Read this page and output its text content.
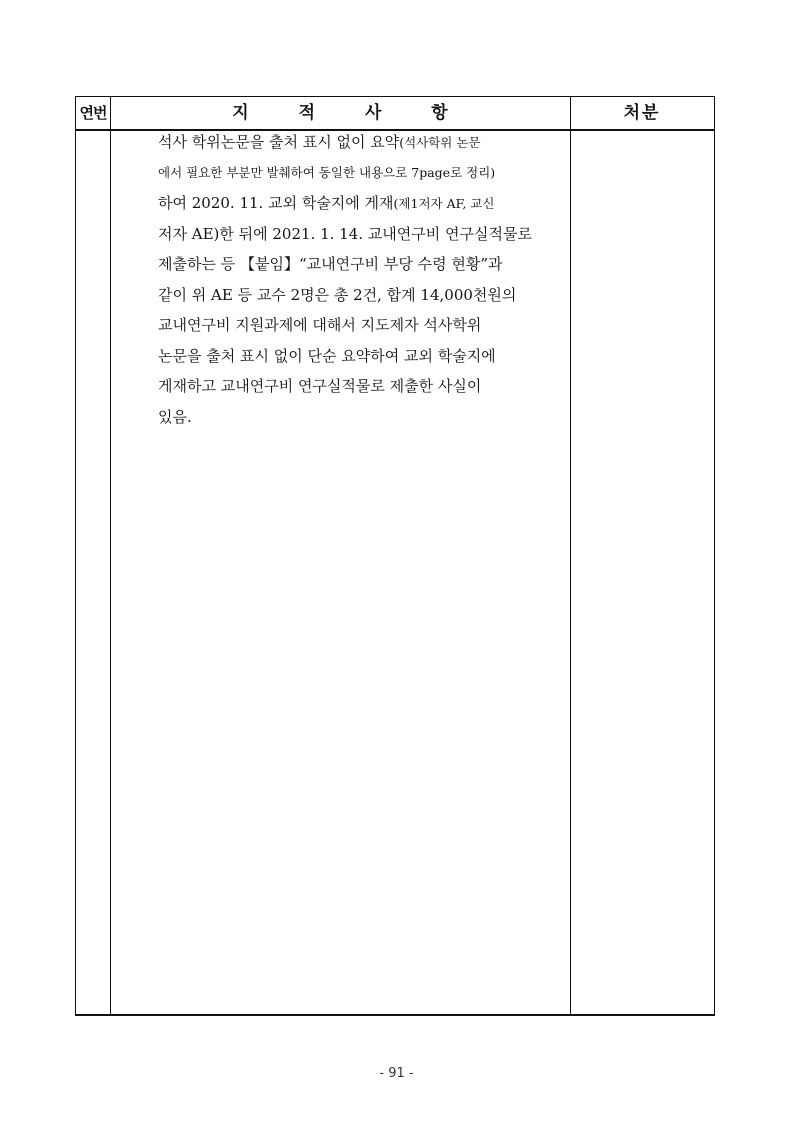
연번	지 적 사 항	처분
석사 학위논문을 출처 표시 없이 요약(석사학위 논문
에서 필요한 부분만 발췌하여 동일한 내용으로 7page로 정리)
하여 2020. 11. 교외 학술지에 게재(제1저자 AF, 교신
저자 AE)한 뒤에 2021. 1. 14. 교내연구비 연구실적물로
제출하는 등 【붙임】“교내연구비 부당 수령 현황”과
같이 위 AE 등 교수 2명은 총 2건, 합계 14,000천원의
교내연구비 지원과제에 대해서 지도제자 석사학위
논문을 출처 표시 없이 단순 요약하여 교외 학술지에
게재하고 교내연구비 연구실적물로 제출한 사실이
있음.
- 91 -
